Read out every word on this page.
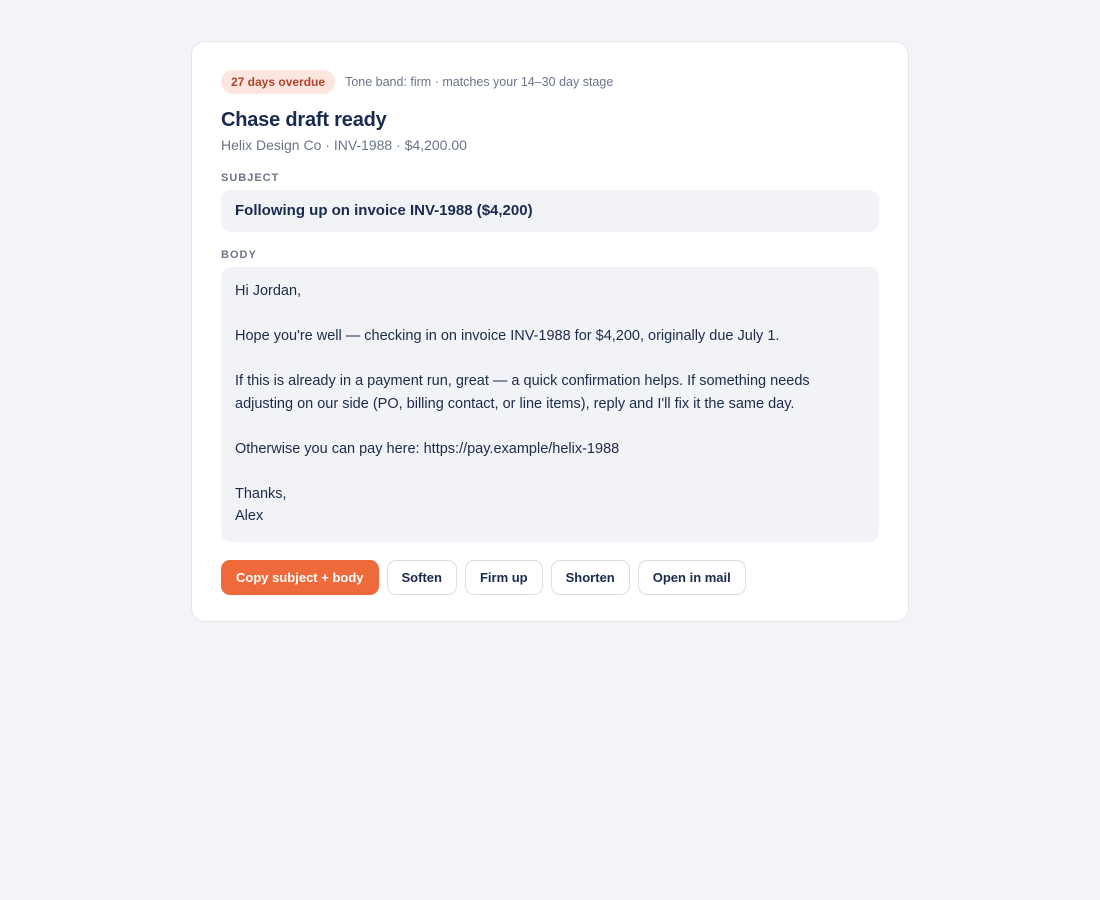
27 days overdue	Tone band: firm · matches your 14–30 day stage
Chase draft ready
Helix Design Co · INV-1988 · $4,200.00
SUBJECT
Following up on invoice INV-1988 ($4,200)
BODY
Hi Jordan,
Hope you're well — checking in on invoice INV-1988 for $4,200, originally due July 1.
If this is already in a payment run, great — a quick confirmation helps. If something needs adjusting on our side (PO, billing contact, or line items), reply and I'll fix it the same day.
Otherwise you can pay here: https://pay.example/helix-1988
Thanks,
Alex
Copy subject + body	Soften	Firm up	Shorten	Open in mail
